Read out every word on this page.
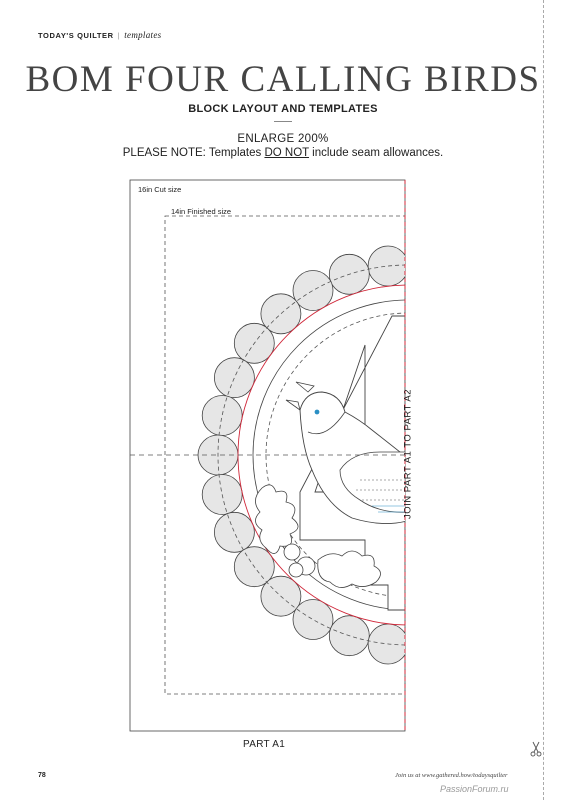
TODAY'S QUILTER | templates
BOM FOUR CALLING BIRDS
BLOCK LAYOUT AND TEMPLATES
ENLARGE 200%
PLEASE NOTE: Templates DO NOT include seam allowances.
16in Cut size
14in Finished size
JOIN PART A1 TO PART A2
PART A1
78	Join us at www.gathered.how/todaysquilter
PassionForum.ru
